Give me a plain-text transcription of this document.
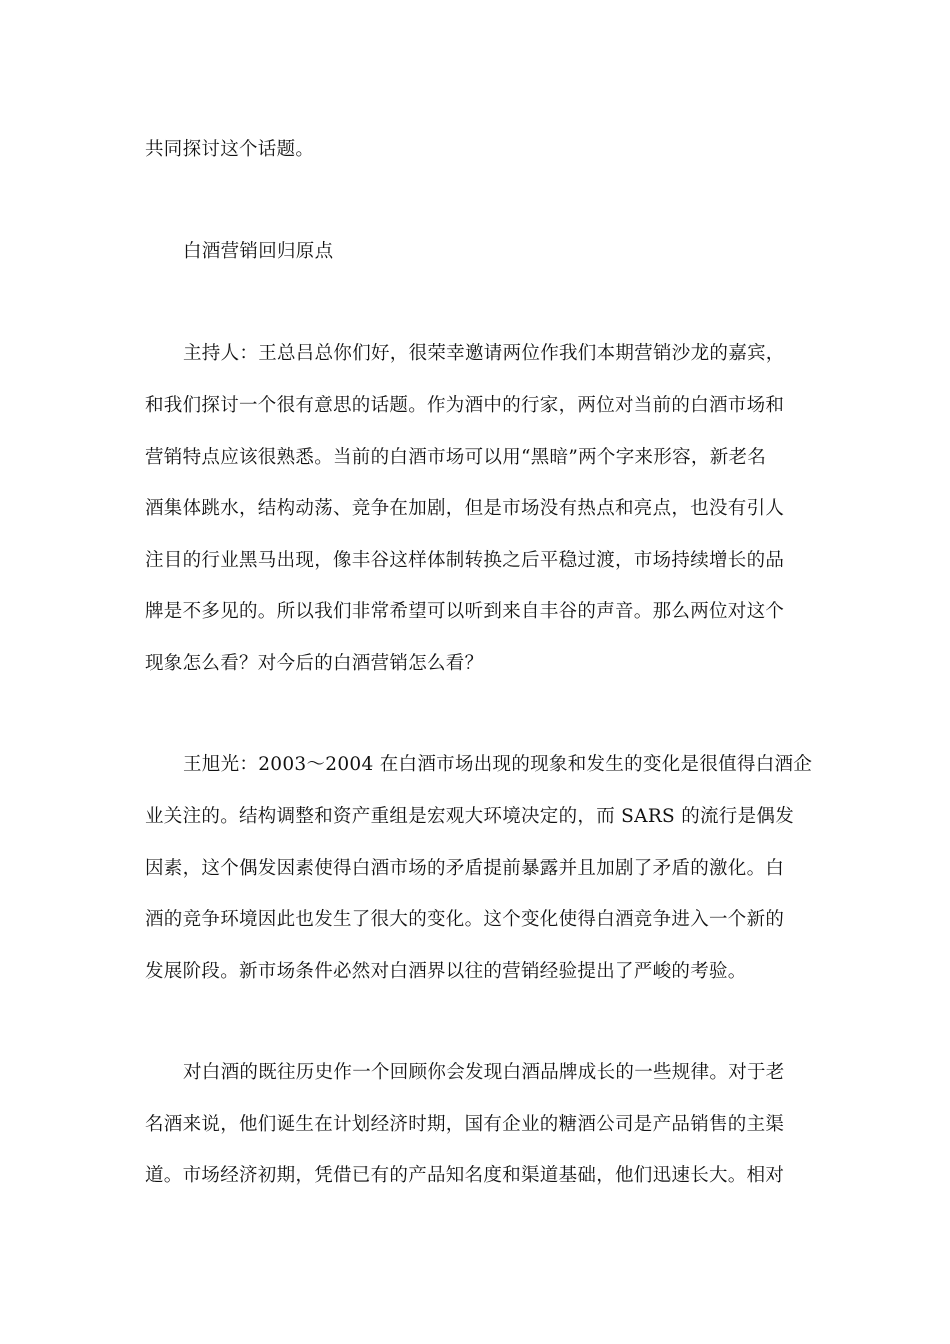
共同探讨这个话题。
白酒营销回归原点
主持人：王总吕总你们好，很荣幸邀请两位作我们本期营销沙龙的嘉宾，
和我们探讨一个很有意思的话题。作为酒中的行家，两位对当前的白酒市场和
营销特点应该很熟悉。当前的白酒市场可以用“黑暗”两个字来形容，新老名
酒集体跳水，结构动荡、竞争在加剧，但是市场没有热点和亮点，也没有引人
注目的行业黑马出现，像丰谷这样体制转换之后平稳过渡，市场持续增长的品
牌是不多见的。所以我们非常希望可以听到来自丰谷的声音。那么两位对这个
现象怎么看？对今后的白酒营销怎么看？
王旭光：2003～2004 在白酒市场出现的现象和发生的变化是很值得白酒企
业关注的。结构调整和资产重组是宏观大环境决定的，而 SARS 的流行是偶发
因素，这个偶发因素使得白酒市场的矛盾提前暴露并且加剧了矛盾的激化。白
酒的竞争环境因此也发生了很大的变化。这个变化使得白酒竞争进入一个新的
发展阶段。新市场条件必然对白酒界以往的营销经验提出了严峻的考验。
对白酒的既往历史作一个回顾你会发现白酒品牌成长的一些规律。对于老
名酒来说，他们诞生在计划经济时期，国有企业的糖酒公司是产品销售的主渠
道。市场经济初期，凭借已有的产品知名度和渠道基础，他们迅速长大。相对
